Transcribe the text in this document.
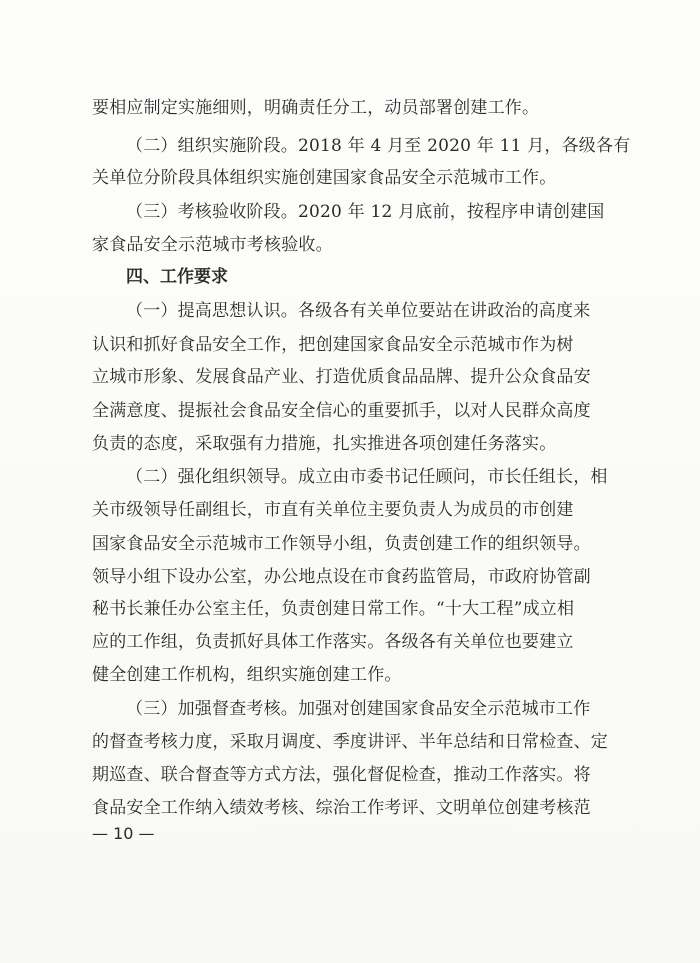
要相应制定实施细则，明确责任分工，动员部署创建工作。
（二）组织实施阶段。2018 年 4 月至 2020 年 11 月，各级各有
关单位分阶段具体组织实施创建国家食品安全示范城市工作。
（三）考核验收阶段。2020 年 12 月底前，按程序申请创建国
家食品安全示范城市考核验收。
四、工作要求
（一）提高思想认识。各级各有关单位要站在讲政治的高度来
认识和抓好食品安全工作，把创建国家食品安全示范城市作为树
立城市形象、发展食品产业、打造优质食品品牌、提升公众食品安
全满意度、提振社会食品安全信心的重要抓手，以对人民群众高度
负责的态度，采取强有力措施，扎实推进各项创建任务落实。
（二）强化组织领导。成立由市委书记任顾问，市长任组长，相
关市级领导任副组长，市直有关单位主要负责人为成员的市创建
国家食品安全示范城市工作领导小组，负责创建工作的组织领导。
领导小组下设办公室，办公地点设在市食药监管局，市政府协管副
秘书长兼任办公室主任，负责创建日常工作。“十大工程”成立相
应的工作组，负责抓好具体工作落实。各级各有关单位也要建立
健全创建工作机构，组织实施创建工作。
（三）加强督查考核。加强对创建国家食品安全示范城市工作
的督查考核力度，采取月调度、季度讲评、半年总结和日常检查、定
期巡查、联合督查等方式方法，强化督促检查，推动工作落实。将
食品安全工作纳入绩效考核、综治工作考评、文明单位创建考核范
— 10 —
